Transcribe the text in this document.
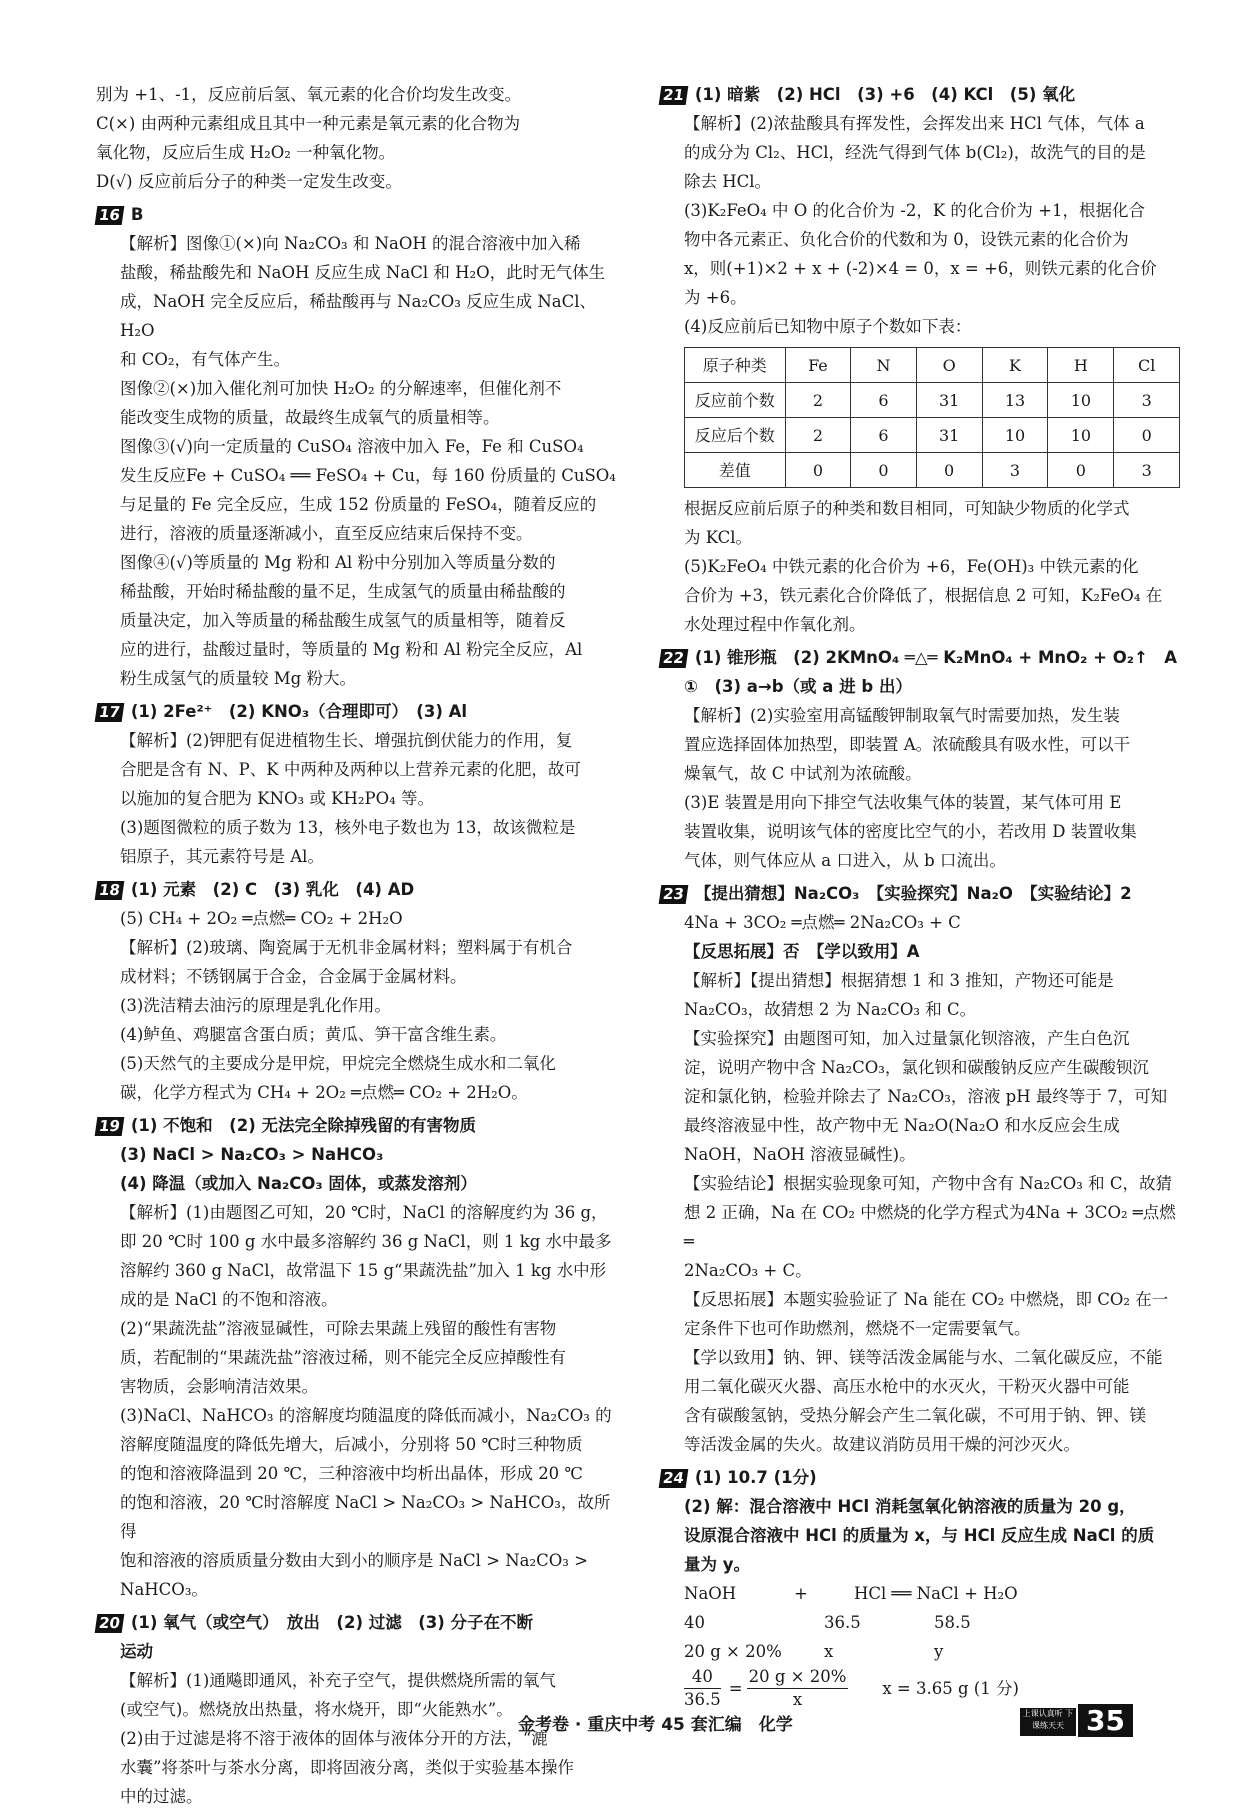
别为 +1、-1，反应前后氢、氧元素的化合价均发生改变。
C(×) 由两种元素组成且其中一种元素是氧元素的化合物为
氧化物，反应后生成 H₂O₂ 一种氧化物。
D(√) 反应前后分子的种类一定发生改变。
16 B
【解析】图像①(×)向 Na₂CO₃ 和 NaOH 的混合溶液中加入稀
盐酸，稀盐酸先和 NaOH 反应生成 NaCl 和 H₂O，此时无气体生
成，NaOH 完全反应后，稀盐酸再与 Na₂CO₃ 反应生成 NaCl、H₂O
和 CO₂，有气体产生。
图像②(×)加入催化剂可加快 H₂O₂ 的分解速率，但催化剂不
能改变生成物的质量，故最终生成氧气的质量相等。
图像③(√)向一定质量的 CuSO₄ 溶液中加入 Fe，Fe 和 CuSO₄
发生反应Fe + CuSO₄ ══ FeSO₄ + Cu，每 160 份质量的 CuSO₄
与足量的 Fe 完全反应，生成 152 份质量的 FeSO₄，随着反应的
进行，溶液的质量逐渐减小，直至反应结束后保持不变。
图像④(√)等质量的 Mg 粉和 Al 粉中分别加入等质量分数的
稀盐酸，开始时稀盐酸的量不足，生成氢气的质量由稀盐酸的
质量决定，加入等质量的稀盐酸生成氢气的质量相等，随着反
应的进行，盐酸过量时，等质量的 Mg 粉和 Al 粉完全反应，Al
粉生成氢气的质量较 Mg 粉大。
17 (1) 2Fe²⁺　(2) KNO₃（合理即可）　(3) Al
【解析】(2)钾肥有促进植物生长、增强抗倒伏能力的作用，复
合肥是含有 N、P、K 中两种及两种以上营养元素的化肥，故可
以施加的复合肥为 KNO₃ 或 KH₂PO₄ 等。
(3)题图微粒的质子数为 13，核外电子数也为 13，故该微粒是
铝原子，其元素符号是 Al。
18 (1) 元素　(2) C　(3) 乳化　(4) AD
(5) CH₄ + 2O₂ ═点燃═ CO₂ + 2H₂O
【解析】(2)玻璃、陶瓷属于无机非金属材料；塑料属于有机合
成材料；不锈钢属于合金，合金属于金属材料。
(3)洗洁精去油污的原理是乳化作用。
(4)鲈鱼、鸡腿富含蛋白质；黄瓜、笋干富含维生素。
(5)天然气的主要成分是甲烷，甲烷完全燃烧生成水和二氧化
碳，化学方程式为 CH₄ + 2O₂ ═点燃═ CO₂ + 2H₂O。
19 (1) 不饱和　(2) 无法完全除掉残留的有害物质
(3) NaCl > Na₂CO₃ > NaHCO₃
(4) 降温（或加入 Na₂CO₃ 固体，或蒸发溶剂）
【解析】(1)由题图乙可知，20 ℃时，NaCl 的溶解度约为 36 g，
即 20 ℃时 100 g 水中最多溶解约 36 g NaCl，则 1 kg 水中最多
溶解约 360 g NaCl，故常温下 15 g“果蔬洗盐”加入 1 kg 水中形
成的是 NaCl 的不饱和溶液。
(2)“果蔬洗盐”溶液显碱性，可除去果蔬上残留的酸性有害物
质，若配制的“果蔬洗盐”溶液过稀，则不能完全反应掉酸性有
害物质，会影响清洁效果。
(3)NaCl、NaHCO₃ 的溶解度均随温度的降低而减小，Na₂CO₃ 的
溶解度随温度的降低先增大，后减小，分别将 50 ℃时三种物质
的饱和溶液降温到 20 ℃，三种溶液中均析出晶体，形成 20 ℃
的饱和溶液，20 ℃时溶解度 NaCl > Na₂CO₃ > NaHCO₃，故所得
饱和溶液的溶质质量分数由大到小的顺序是 NaCl > Na₂CO₃ >
NaHCO₃。
20 (1) 氧气（或空气）　放出　(2) 过滤　(3) 分子在不断
运动
【解析】(1)通飚即通风，补充子空气，提供燃烧所需的氧气
(或空气)。燃烧放出热量，将水烧开，即“火能熟水”。
(2)由于过滤是将不溶于液体的固体与液体分开的方法，“漉
水囊”将茶叶与茶水分离，即将固液分离，类似于实验基本操作
中的过滤。
21 (1) 暗紫　(2) HCl　(3) +6　(4) KCl　(5) 氧化
【解析】(2)浓盐酸具有挥发性，会挥发出来 HCl 气体，气体 a
的成分为 Cl₂、HCl，经洗气得到气体 b(Cl₂)，故洗气的目的是
除去 HCl。
(3)K₂FeO₄ 中 O 的化合价为 -2，K 的化合价为 +1，根据化合
物中各元素正、负化合价的代数和为 0，设铁元素的化合价为
x，则(+1)×2 + x + (-2)×4 = 0，x = +6，则铁元素的化合价
为 +6。
(4)反应前后已知物中原子个数如下表：
原子种类	Fe	N	O	K	H	Cl
反应前个数	2	6	31	13	10	3
反应后个数	2	6	31	10	10	0
差值	0	0	0	3	0	3
根据反应前后原子的种类和数目相同，可知缺少物质的化学式
为 KCl。
(5)K₂FeO₄ 中铁元素的化合价为 +6，Fe(OH)₃ 中铁元素的化
合价为 +3，铁元素化合价降低了，根据信息 2 可知，K₂FeO₄ 在
水处理过程中作氧化剂。
22 (1) 锥形瓶　(2) 2KMnO₄ ═△═ K₂MnO₄ + MnO₂ + O₂↑　A
①　(3) a→b（或 a 进 b 出）
【解析】(2)实验室用高锰酸钾制取氧气时需要加热，发生装
置应选择固体加热型，即装置 A。浓硫酸具有吸水性，可以干
燥氧气，故 C 中试剂为浓硫酸。
(3)E 装置是用向下排空气法收集气体的装置，某气体可用 E
装置收集，说明该气体的密度比空气的小，若改用 D 装置收集
气体，则气体应从 a 口进入，从 b 口流出。
23 【提出猜想】Na₂CO₃　【实验探究】Na₂O　【实验结论】2
4Na + 3CO₂ ═点燃═ 2Na₂CO₃ + C
【反思拓展】否　【学以致用】A
【解析】【提出猜想】根据猜想 1 和 3 推知，产物还可能是
Na₂CO₃，故猜想 2 为 Na₂CO₃ 和 C。
【实验探究】由题图可知，加入过量氯化钡溶液，产生白色沉
淀，说明产物中含 Na₂CO₃，氯化钡和碳酸钠反应产生碳酸钡沉
淀和氯化钠，检验并除去了 Na₂CO₃，溶液 pH 最终等于 7，可知
最终溶液显中性，故产物中无 Na₂O(Na₂O 和水反应会生成
NaOH，NaOH 溶液显碱性)。
【实验结论】根据实验现象可知，产物中含有 Na₂CO₃ 和 C，故猜
想 2 正确，Na 在 CO₂ 中燃烧的化学方程式为4Na + 3CO₂ ═点燃═
2Na₂CO₃ + C。
【反思拓展】本题实验验证了 Na 能在 CO₂ 中燃烧，即 CO₂ 在一
定条件下也可作助燃剂，燃烧不一定需要氧气。
【学以致用】钠、钾、镁等活泼金属能与水、二氧化碳反应，不能
用二氧化碳灭火器、高压水枪中的水灭火，干粉灭火器中可能
含有碳酸氢钠，受热分解会产生二氧化碳，不可用于钠、钾、镁
等活泼金属的失火。故建议消防员用干燥的河沙灭火。
24 (1) 10.7 (1分)
(2) 解：混合溶液中 HCl 消耗氢氧化钠溶液的质量为 20 g，
设原混合溶液中 HCl 的质量为 x，与 HCl 反应生成 NaCl 的质
量为 y。
NaOH	+	HCl ══ NaCl + H₂O
40	36.5	58.5
20 g × 20%	x	y
$\frac{40}{36.5} = \frac{20 g \times 20\%}{x}$ x = 3.65 g (1 分)
金考卷 · 重庆中考 45 套汇编　化学
上课认真听 下课练天天 35
